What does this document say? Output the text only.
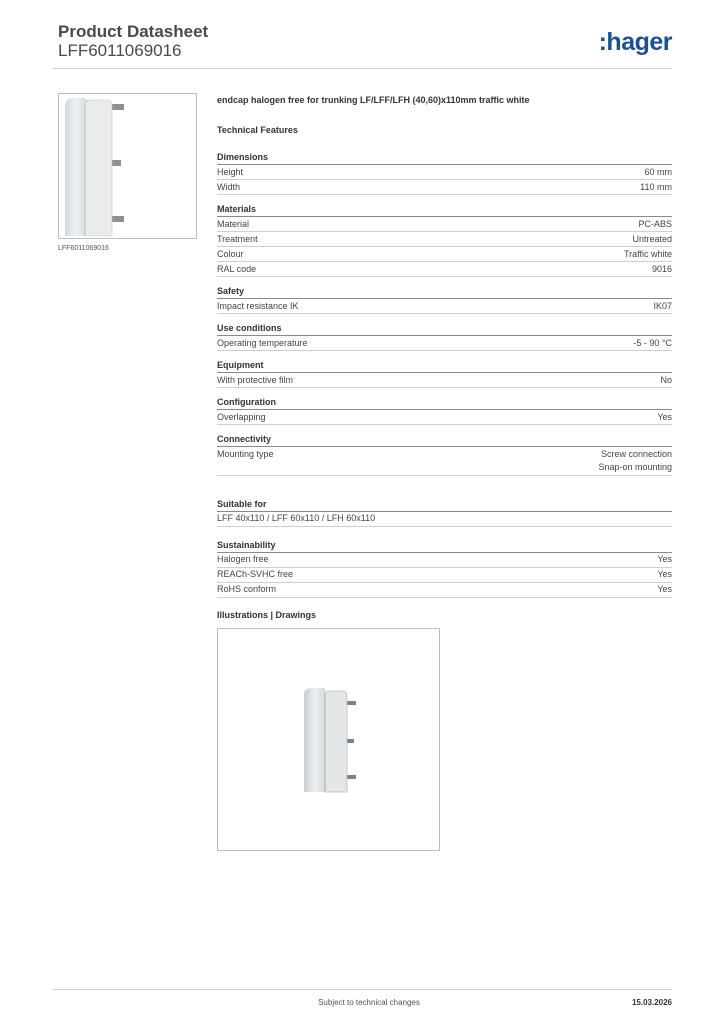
Product Datasheet
LFF6011069016	:hager
LFF6011069016
endcap halogen free for trunking LF/LFF/LFH (40,60)x110mm traffic white
Technical Features
Dimensions
Height	60 mm
Width	110 mm
Materials
Material	PC-ABS
Treatment	Untreated
Colour	Traffic white
RAL code	9016
Safety
Impact resistance IK	IK07
Use conditions
Operating temperature	-5 - 90 °C
Equipment
With protective film	No
Configuration
Overlapping	Yes
Connectivity
Mounting type	Screw connection
Snap-on mounting
Suitable for
LFF 40x110 / LFF 60x110 / LFH 60x110
Sustainability
Halogen free	Yes
REACh-SVHC free	Yes
RoHS conform	Yes
Illustrations | Drawings
Subject to technical changes	15.03.2026
